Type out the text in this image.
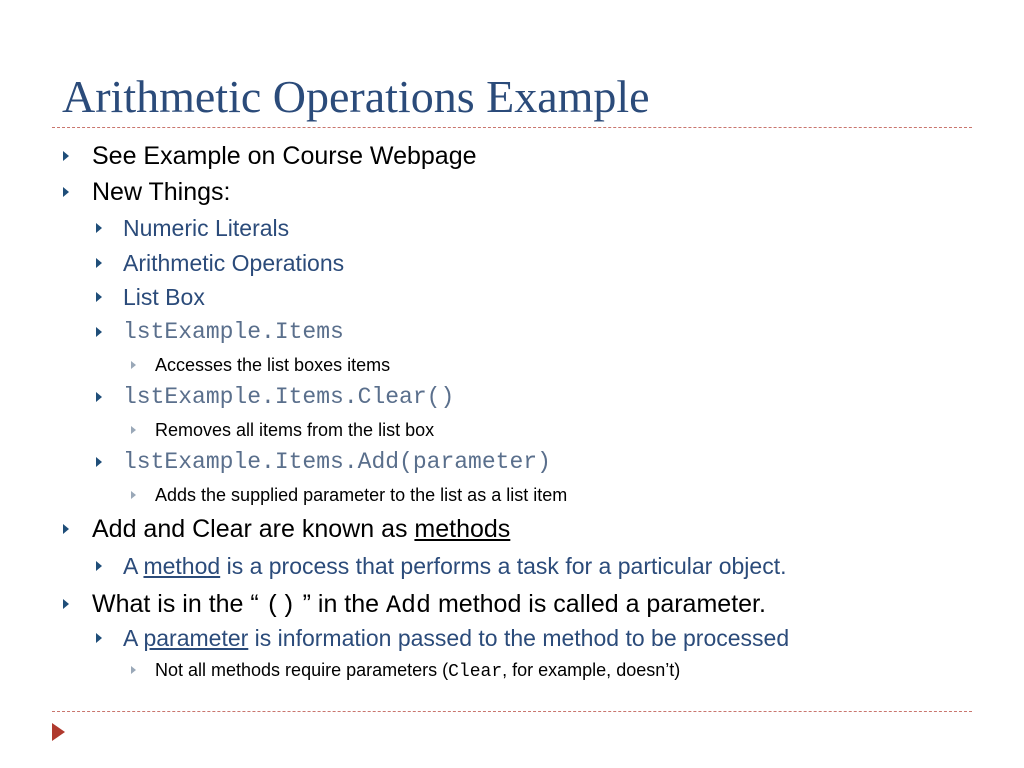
Arithmetic Operations Example
See Example on Course Webpage
New Things:
Numeric Literals
Arithmetic Operations
List Box
lstExample.Items
Accesses the list boxes items
lstExample.Items.Clear()
Removes all items from the list box
lstExample.Items.Add(parameter)
Adds the supplied parameter to the list as a list item
Add and Clear are known as methods
A method is a process that performs a task for a particular object.
What is in the “ () ” in the Add method is called a parameter.
A parameter is information passed to the method to be processed
Not all methods require parameters (Clear, for example, doesn’t)
